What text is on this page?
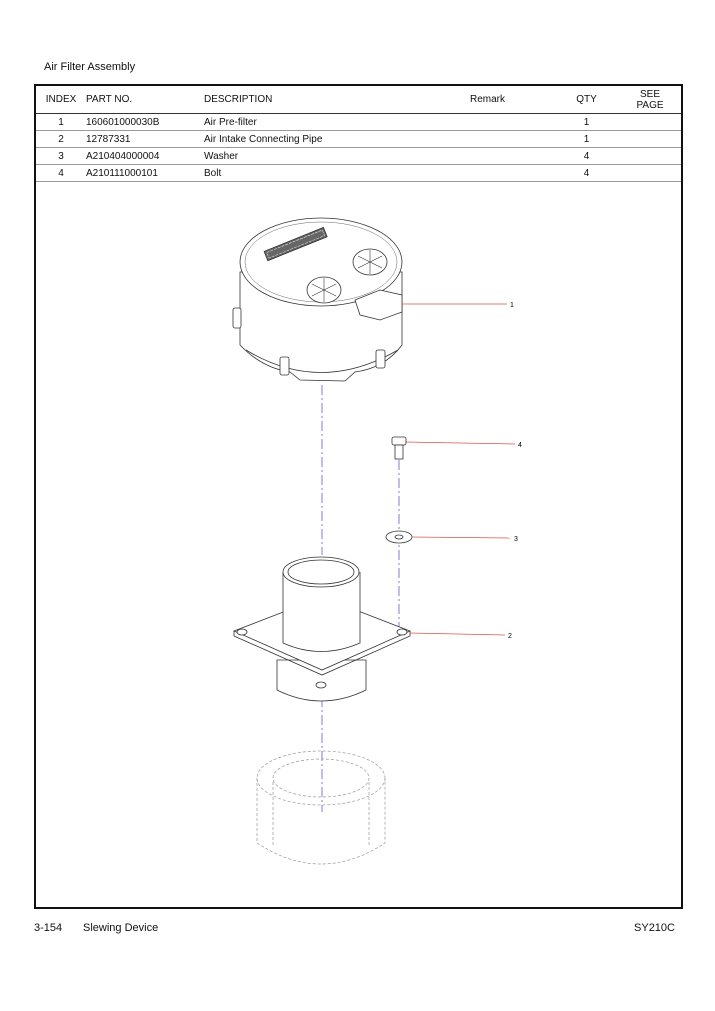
Air Filter Assembly
INDEX	PART NO.	DESCRIPTION	Remark	QTY	SEE
PAGE
1	160601000030B	Air Pre-filter		1	
2	12787331	Air Intake Connecting Pipe		1	
3	A210404000004	Washer		4	
4	A210111000101	Bolt		4	
1
2
3
4
3-154 Slewing Device	SY210C
